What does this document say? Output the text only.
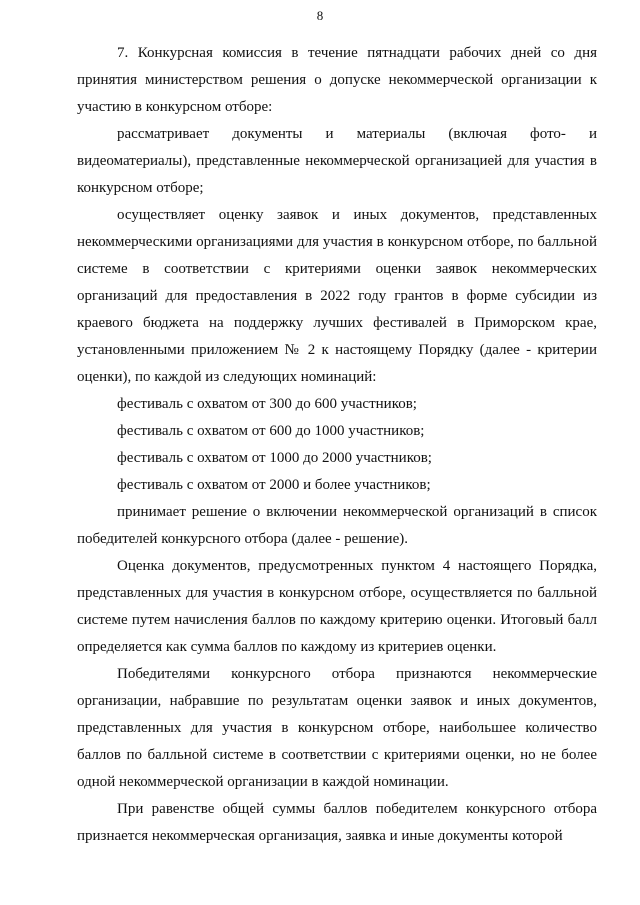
8

7. Конкурсная комиссия в течение пятнадцати рабочих дней со дня принятия министерством решения о допуске некоммерческой организации к участию в конкурсном отборе:

рассматривает документы и материалы (включая фото- и видеоматериалы), представленные некоммерческой организацией для участия в конкурсном отборе;

осуществляет оценку заявок и иных документов, представленных некоммерческими организациями для участия в конкурсном отборе, по балльной системе в соответствии с критериями оценки заявок некоммерческих организаций для предоставления в 2022 году грантов в форме субсидии из краевого бюджета на поддержку лучших фестивалей в Приморском крае, установленными приложением № 2 к настоящему Порядку (далее - критерии оценки), по каждой из следующих номинаций:

фестиваль с охватом от 300 до 600 участников;

фестиваль с охватом от 600 до 1000 участников;

фестиваль с охватом от 1000 до 2000 участников;

фестиваль с охватом от 2000 и более участников;

принимает решение о включении некоммерческой организаций в список победителей конкурсного отбора (далее - решение).

Оценка документов, предусмотренных пунктом 4 настоящего Порядка, представленных для участия в конкурсном отборе, осуществляется по балльной системе путем начисления баллов по каждому критерию оценки. Итоговый балл определяется как сумма баллов по каждому из критериев оценки.

Победителями конкурсного отбора признаются некоммерческие организации, набравшие по результатам оценки заявок и иных документов, представленных для участия в конкурсном отборе, наибольшее количество баллов по балльной системе в соответствии с критериями оценки, но не более одной некоммерческой организации в каждой номинации.

При равенстве общей суммы баллов победителем конкурсного отбора признается некоммерческая организация, заявка и иные документы которой
